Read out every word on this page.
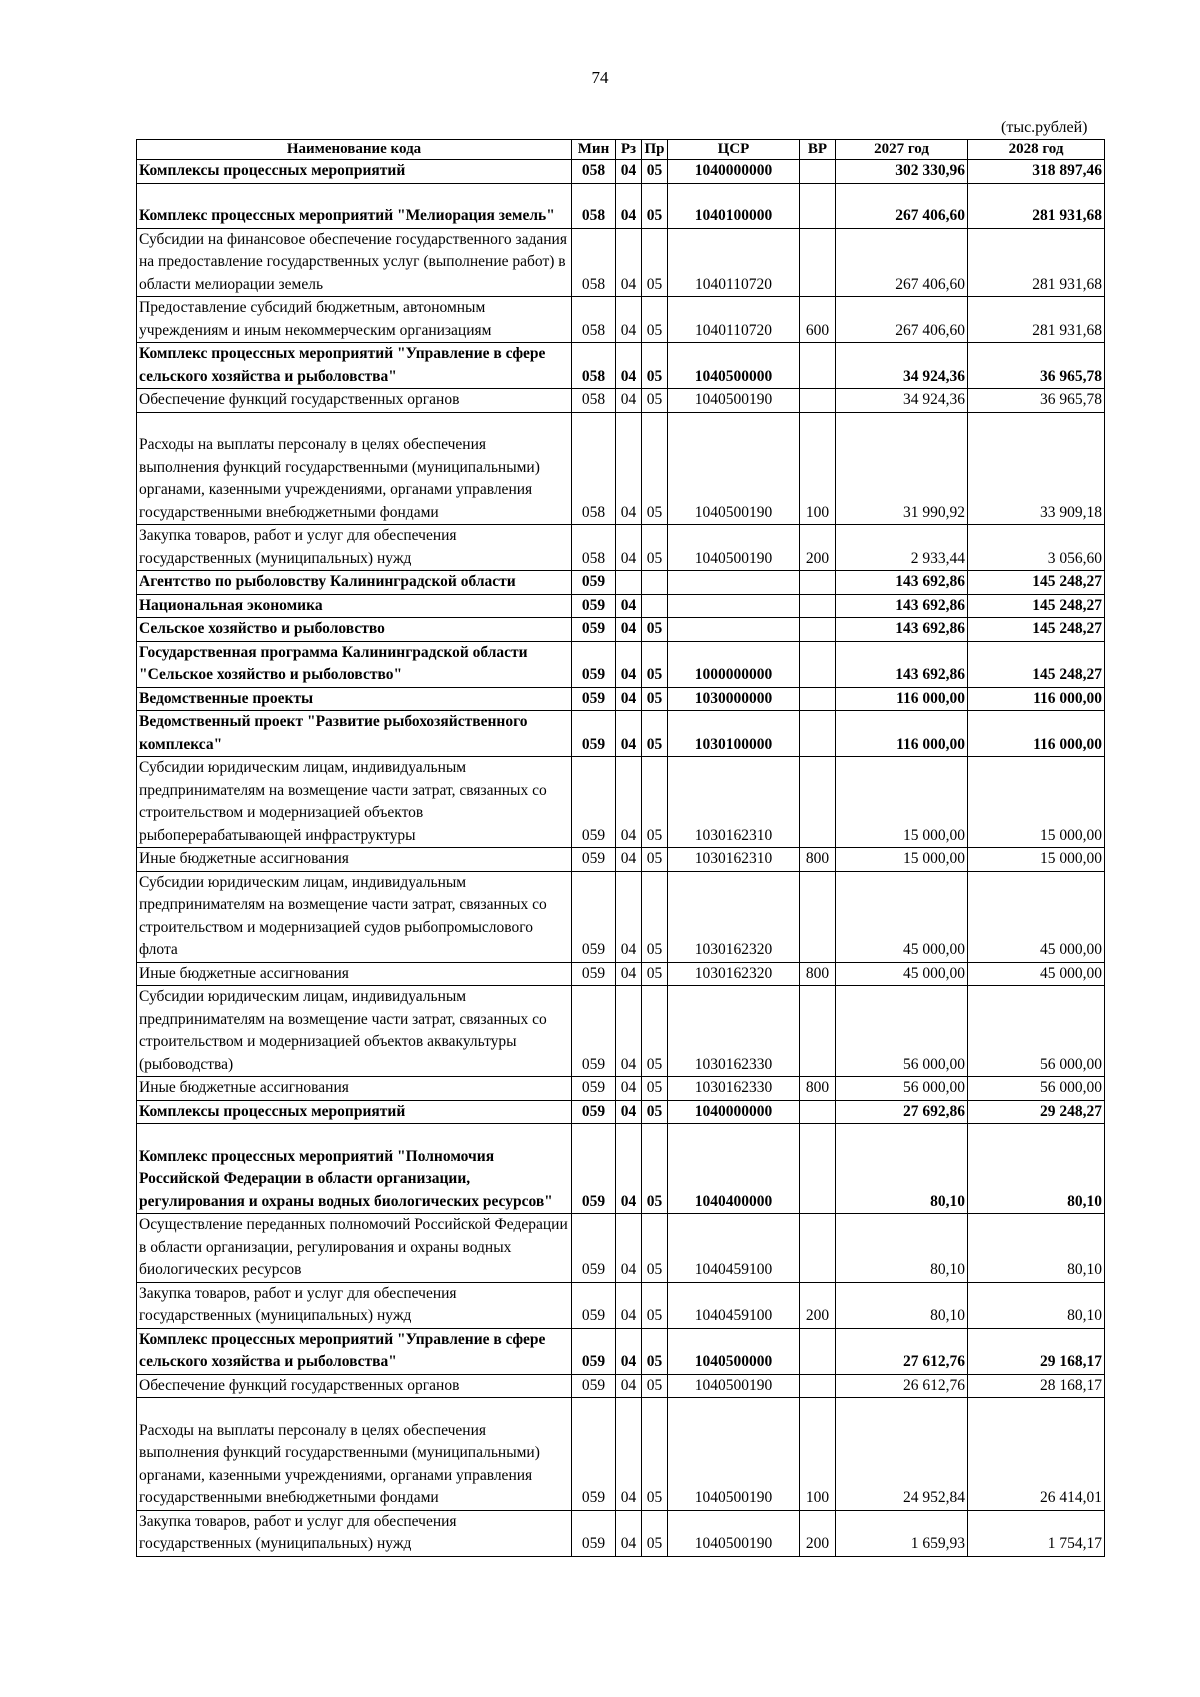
74
(тыс.рублей)
Наименование кода	Мин	Рз	Пр	ЦСР	ВР	2027 год	2028 год
Комплексы процессных мероприятий	058	04	05	1040000000		302 330,96	318 897,46
Комплекс процессных мероприятий "Мелиорация земель"	058	04	05	1040100000		267 406,60	281 931,68
Субсидии на финансовое обеспечение государственного задания на предоставление государственных услуг (выполнение работ) в области мелиорации земель	058	04	05	1040110720		267 406,60	281 931,68
Предоставление субсидий бюджетным, автономным учреждениям и иным некоммерческим организациям	058	04	05	1040110720	600	267 406,60	281 931,68
Комплекс процессных мероприятий "Управление в сфере сельского хозяйства и рыболовства"	058	04	05	1040500000		34 924,36	36 965,78
Обеспечение функций государственных органов	058	04	05	1040500190		34 924,36	36 965,78
Расходы на выплаты персоналу в целях обеспечения выполнения функций государственными (муниципальными) органами, казенными учреждениями, органами управления государственными внебюджетными фондами	058	04	05	1040500190	100	31 990,92	33 909,18
Закупка товаров, работ и услуг для обеспечения государственных (муниципальных) нужд	058	04	05	1040500190	200	2 933,44	3 056,60
Агентство по рыболовству Калининградской области	059					143 692,86	145 248,27
Национальная экономика	059	04				143 692,86	145 248,27
Сельское хозяйство и рыболовство	059	04	05			143 692,86	145 248,27
Государственная программа Калининградской области "Сельское хозяйство и рыболовство"	059	04	05	1000000000		143 692,86	145 248,27
Ведомственные проекты	059	04	05	1030000000		116 000,00	116 000,00
Ведомственный проект "Развитие рыбохозяйственного комплекса"	059	04	05	1030100000		116 000,00	116 000,00
Субсидии юридическим лицам, индивидуальным предпринимателям на возмещение части затрат, связанных со строительством и модернизацией объектов рыбоперерабатывающей инфраструктуры	059	04	05	1030162310		15 000,00	15 000,00
Иные бюджетные ассигнования	059	04	05	1030162310	800	15 000,00	15 000,00
Субсидии юридическим лицам, индивидуальным предпринимателям на возмещение части затрат, связанных со строительством и модернизацией судов рыбопромыслового флота	059	04	05	1030162320		45 000,00	45 000,00
Иные бюджетные ассигнования	059	04	05	1030162320	800	45 000,00	45 000,00
Субсидии юридическим лицам, индивидуальным предпринимателям на возмещение части затрат, связанных со строительством и модернизацией объектов аквакультуры (рыбоводства)	059	04	05	1030162330		56 000,00	56 000,00
Иные бюджетные ассигнования	059	04	05	1030162330	800	56 000,00	56 000,00
Комплексы процессных мероприятий	059	04	05	1040000000		27 692,86	29 248,27
Комплекс процессных мероприятий "Полномочия Российской Федерации в области организации, регулирования и охраны водных биологических ресурсов"	059	04	05	1040400000		80,10	80,10
Осуществление переданных полномочий Российской Федерации в области организации, регулирования и охраны водных биологических ресурсов	059	04	05	1040459100		80,10	80,10
Закупка товаров, работ и услуг для обеспечения государственных (муниципальных) нужд	059	04	05	1040459100	200	80,10	80,10
Комплекс процессных мероприятий "Управление в сфере сельского хозяйства и рыболовства"	059	04	05	1040500000		27 612,76	29 168,17
Обеспечение функций государственных органов	059	04	05	1040500190		26 612,76	28 168,17
Расходы на выплаты персоналу в целях обеспечения выполнения функций государственными (муниципальными) органами, казенными учреждениями, органами управления государственными внебюджетными фондами	059	04	05	1040500190	100	24 952,84	26 414,01
Закупка товаров, работ и услуг для обеспечения государственных (муниципальных) нужд	059	04	05	1040500190	200	1 659,93	1 754,17
